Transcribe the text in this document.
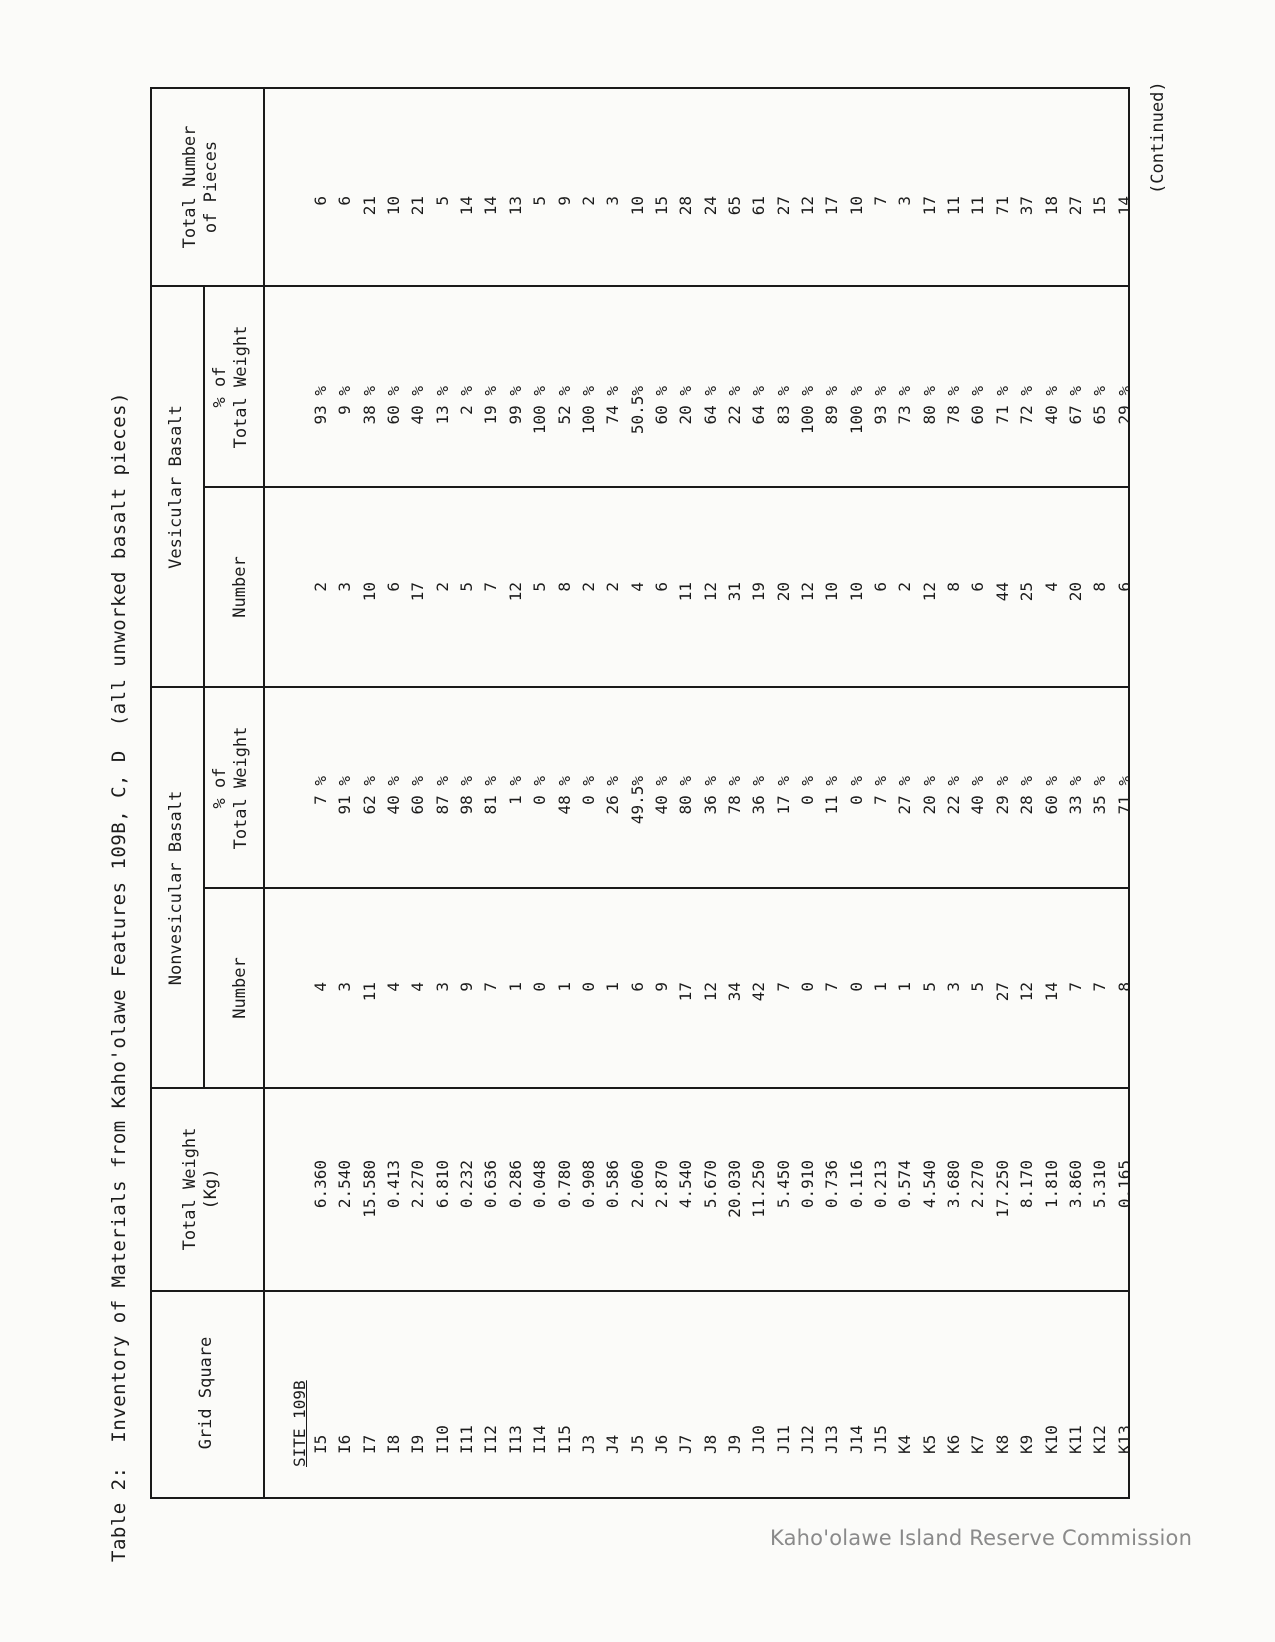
Table 2:  Inventory of Materials from Kaho'olawe Features 109B, C, D  (all unworked basalt pieces)	Grid Square
Total Weight
(Kg)
Nonvesicular Basalt
Vesicular Basalt
Number
% of
Total Weight
Number
% of
Total Weight
Total Number
of Pieces
SITE 109B I5
6.360
4
7 %
2
93 %
6
I6
2.540
3
91 %
3
9 %
6
I7
15.580
11
62 %
10
38 %
21
I8
0.413
4
40 %
6
60 %
10
I9
2.270
4
60 %
17
40 %
21
I10
6.810
3
87 %
2
13 %
5
I11
0.232
9
98 %
5
2 %
14
I12
0.636
7
81 %
7
19 %
14
I13
0.286
1
1 %
12
99 %
13
I14
0.048
0
0 %
5
100 %
5
I15
0.780
1
48 %
8
52 %
9
J3
0.908
0
0 %
2
100 %
2
J4
0.586
1
26 %
2
74 %
3
J5
2.060
6
49.5%
4
50.5%
10
J6
2.870
9
40 %
6
60 %
15
J7
4.540
17
80 %
11
20 %
28
J8
5.670
12
36 %
12
64 %
24
J9
20.030
34
78 %
31
22 %
65
J10
11.250
42
36 %
19
64 %
61
J11
5.450
7
17 %
20
83 %
27
J12
0.910
0
0 %
12
100 %
12
J13
0.736
7
11 %
10
89 %
17
J14
0.116
0
0 %
10
100 %
10
J15
0.213
1
7 %
6
93 %
7
K4
0.574
1
27 %
2
73 %
3
K5
4.540
5
20 %
12
80 %
17
K6
3.680
3
22 %
8
78 %
11
K7
2.270
5
40 %
6
60 %
11
K8
17.250
27
29 %
44
71 %
71
K9
8.170
12
28 %
25
72 %
37
K10
1.810
14
60 %
4
40 %
18
K11
3.860
7
33 %
20
67 %
27
K12
5.310
7
35 %
8
65 %
15
K13
0.165
8
71 %
6
29 %
14
(Continued)
Kaho'olawe Island Reserve Commission
